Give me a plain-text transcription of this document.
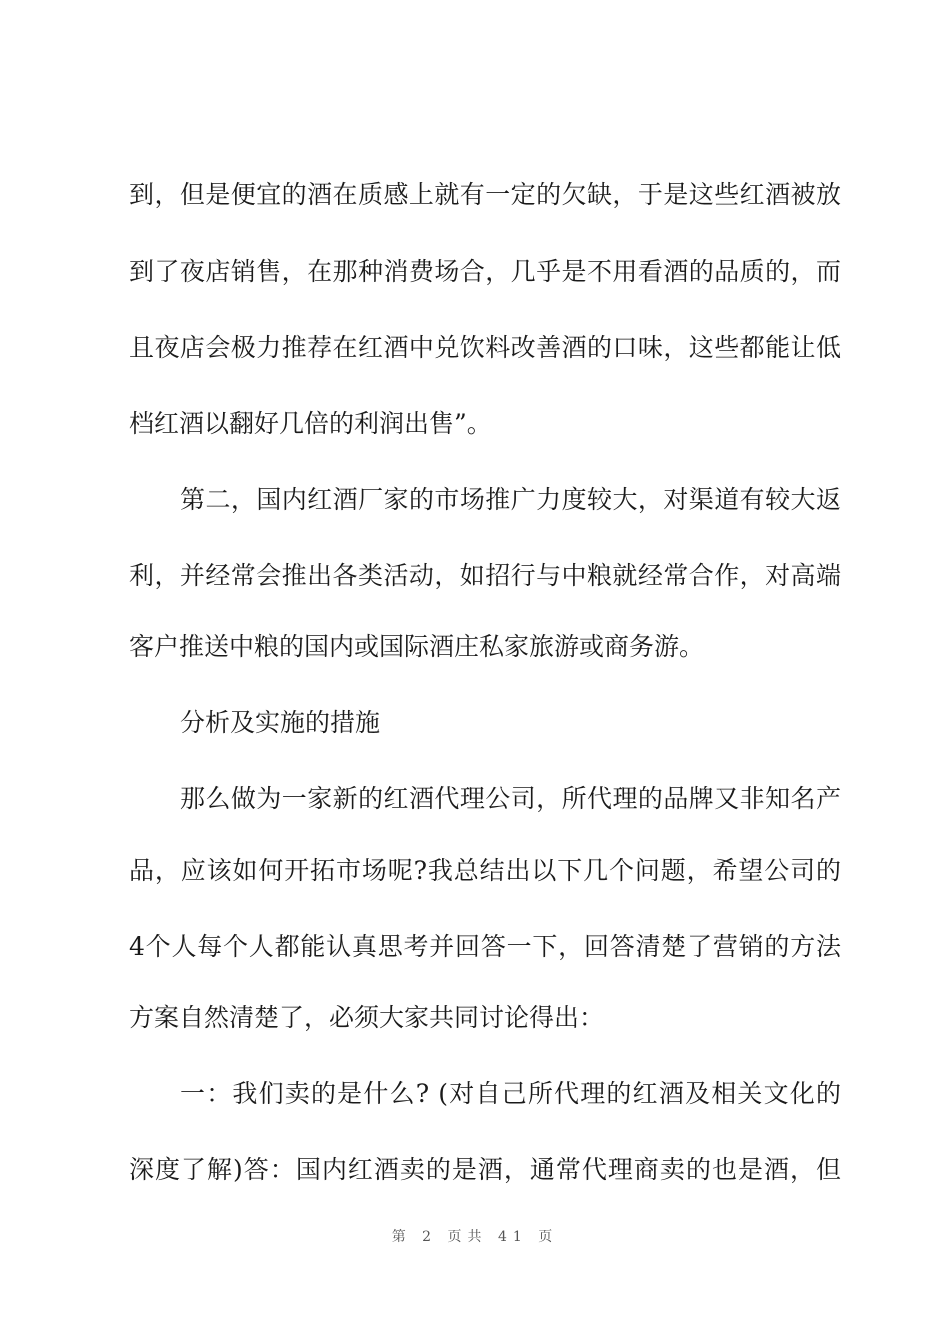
到，但是便宜的酒在质感上就有一定的欠缺，于是这些红酒被放
到了夜店销售，在那种消费场合，几乎是不用看酒的品质的，而
且夜店会极力推荐在红酒中兑饮料改善酒的口味，这些都能让低
档红酒以翻好几倍的利润出售”。
第二，国内红酒厂家的市场推广力度较大，对渠道有较大返
利，并经常会推出各类活动，如招行与中粮就经常合作，对高端
客户推送中粮的国内或国际酒庄私家旅游或商务游。
分析及实施的措施
那么做为一家新的红酒代理公司，所代理的品牌又非知名产
品，应该如何开拓市场呢?我总结出以下几个问题，希望公司的
4个人每个人都能认真思考并回答一下，回答清楚了营销的方法
方案自然清楚了，必须大家共同讨论得出：
一：我们卖的是什么? (对自己所代理的红酒及相关文化的
深度了解)答：国内红酒卖的是酒，通常代理商卖的也是酒，但
第 2 页共 41 页
